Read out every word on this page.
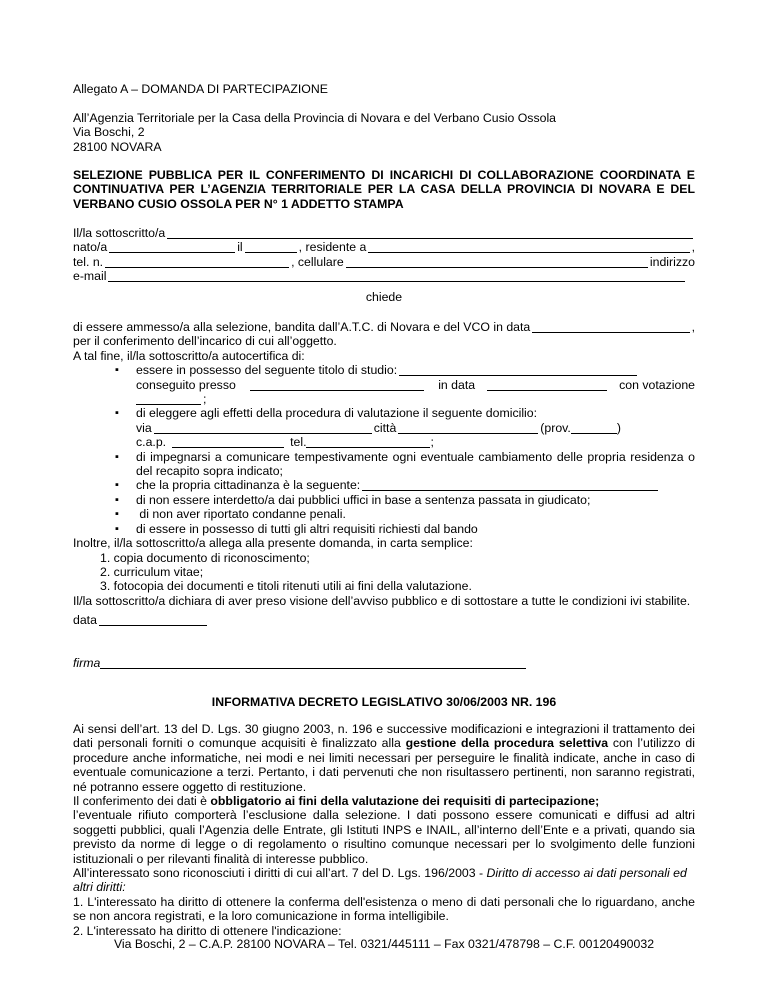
Allegato A – DOMANDA DI PARTECIPAZIONE

All’Agenzia Territoriale per la Casa della Provincia di Novara e del Verbano Cusio Ossola

Via Boschi, 2

28100 NOVARA

SELEZIONE PUBBLICA PER IL CONFERIMENTO DI INCARICHI DI COLLABORAZIONE COORDINATA E CONTINUATIVA PER L’AGENZIA TERRITORIALE PER LA CASA DELLA PROVINCIA DI NOVARA E DEL VERBANO CUSIO OSSOLA PER N° 1 ADDETTO STAMPA

Il/la sottoscritto/a
nato/a	il	, residente a	,
tel. n.	, cellulare	indirizzo
e-mail

chiede

di essere ammesso/a alla selezione, bandita dall’A.T.C. di Novara e del VCO in data	,

per il conferimento dell’incarico di cui all’oggetto.

A tal fine, il/la sottoscritto/a autocertifica di:

▪ essere in possesso del seguente titolo di studio:
conseguito presso	in data	con votazione
;

▪ di eleggere agli effetti della procedura di valutazione il seguente domicilio:

via	città	(prov.	)
c.a.p.	tel.	;

▪ di impegnarsi a comunicare tempestivamente ogni eventuale cambiamento delle propria residenza o del recapito sopra indicato;

▪ che la propria cittadinanza è la seguente:

▪ di non essere interdetto/a dai pubblici uffici in base a sentenza passata in giudicato;

▪  di non aver riportato condanne penali.

▪ di essere in possesso di tutti gli altri requisiti richiesti dal bando

Inoltre, il/la sottoscritto/a allega alla presente domanda, in carta semplice:

1. copia documento di riconoscimento;
2. curriculum vitae;
3. fotocopia dei documenti e titoli ritenuti utili ai fini della valutazione.

Il/la sottoscritto/a dichiara di aver preso visione dell’avviso pubblico e di sottostare a tutte le condizioni ivi stabilite.

data
firma

INFORMATIVA DECRETO LEGISLATIVO 30/06/2003 NR. 196

Ai sensi dell’art. 13 del D. Lgs. 30 giugno 2003, n. 196 e successive modificazioni e integrazioni il trattamento dei dati personali forniti o comunque acquisiti è finalizzato alla gestione della procedura selettiva con l’utilizzo di procedure anche informatiche, nei modi e nei limiti necessari per perseguire le finalità indicate, anche in caso di eventuale comunicazione a terzi. Pertanto, i dati pervenuti che non risultassero pertinenti, non saranno registrati, né potranno essere oggetto di restituzione.

Il conferimento dei dati è obbligatorio ai fini della valutazione dei requisiti di partecipazione;

l’eventuale rifiuto comporterà l’esclusione dalla selezione. I dati possono essere comunicati e diffusi ad altri soggetti pubblici, quali l’Agenzia delle Entrate, gli Istituti INPS e INAIL, all’interno dell’Ente e a privati, quando sia previsto da norme di legge o di regolamento o risultino comunque necessari per lo svolgimento delle funzioni istituzionali o per rilevanti finalità di interesse pubblico.

All’interessato sono riconosciuti i diritti di cui all’art. 7 del D. Lgs. 196/2003 - Diritto di accesso ai dati personali ed altri diritti:

1. L'interessato ha diritto di ottenere la conferma dell'esistenza o meno di dati personali che lo riguardano, anche se non ancora registrati, e la loro comunicazione in forma intelligibile.

2. L'interessato ha diritto di ottenere l'indicazione:

Via Boschi, 2 – C.A.P. 28100 NOVARA – Tel. 0321/445111 – Fax 0321/478798 – C.F. 00120490032
